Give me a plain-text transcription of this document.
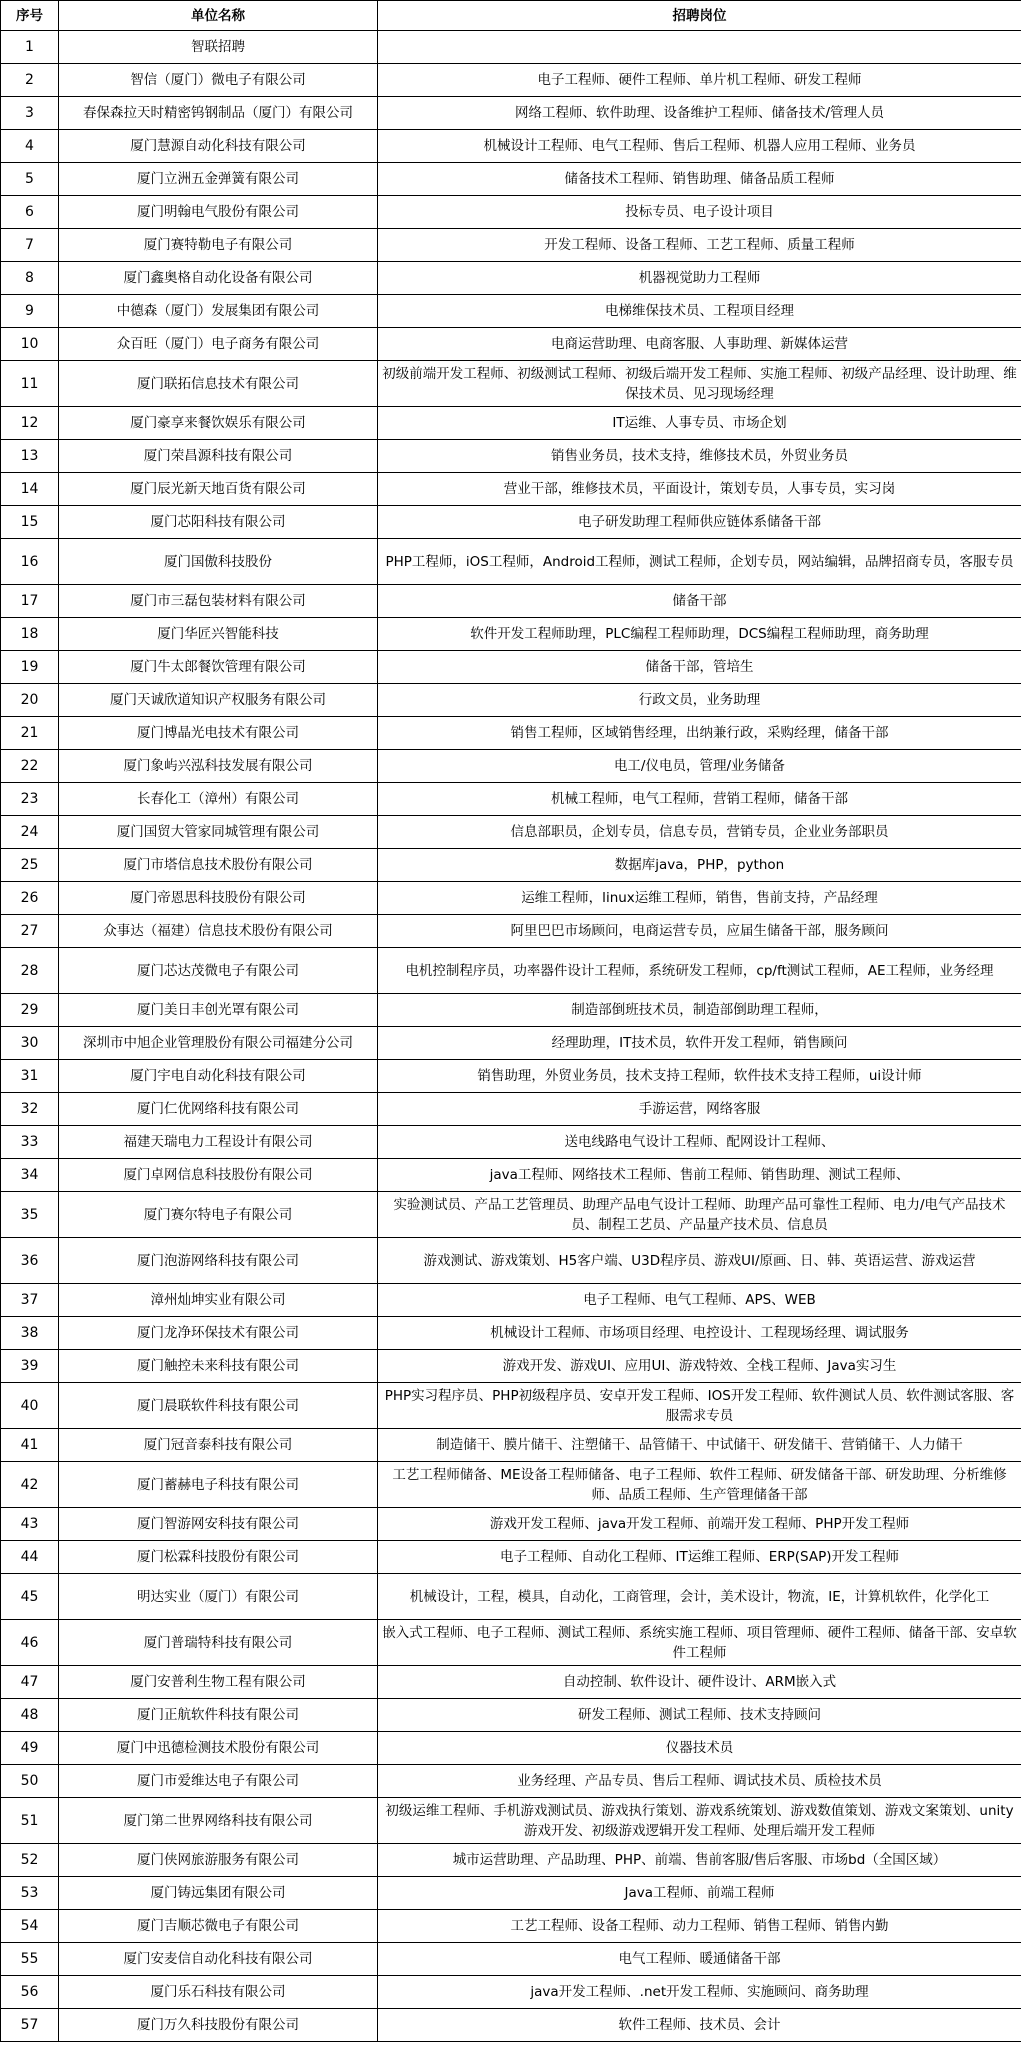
序号	单位名称	招聘岗位
1	智联招聘	
2	智信（厦门）微电子有限公司	电子工程师、硬件工程师、单片机工程师、研发工程师
3	春保森拉天时精密钨钢制品（厦门）有限公司	网络工程师、软件助理、设备维护工程师、储备技术/管理人员
4	厦门慧源自动化科技有限公司	机械设计工程师、电气工程师、售后工程师、机器人应用工程师、业务员
5	厦门立洲五金弹簧有限公司	储备技术工程师、销售助理、储备品质工程师
6	厦门明翰电气股份有限公司	投标专员、电子设计项目
7	厦门赛特勒电子有限公司	开发工程师、设备工程师、工艺工程师、质量工程师
8	厦门鑫奥格自动化设备有限公司	机器视觉助力工程师
9	中德森（厦门）发展集团有限公司	电梯维保技术员、工程项目经理
10	众百旺（厦门）电子商务有限公司	电商运营助理、电商客服、人事助理、新媒体运营
11	厦门联拓信息技术有限公司	初级前端开发工程师、初级测试工程师、初级后端开发工程师、实施工程师、初级产品经理、设计助理、维保技术员、见习现场经理
12	厦门豪享来餐饮娱乐有限公司	IT运维、人事专员、市场企划
13	厦门荣昌源科技有限公司	销售业务员，技术支持，维修技术员，外贸业务员
14	厦门辰光新天地百货有限公司	营业干部，维修技术员，平面设计，策划专员，人事专员，实习岗
15	厦门芯阳科技有限公司	电子研发助理工程师供应链体系储备干部
16	厦门国傲科技股份	PHP工程师，iOS工程师，Android工程师，测试工程师，企划专员，网站编辑，品牌招商专员，客服专员
17	厦门市三磊包装材料有限公司	储备干部
18	厦门华匠兴智能科技	软件开发工程师助理，PLC编程工程师助理，DCS编程工程师助理，商务助理
19	厦门牛太郎餐饮管理有限公司	储备干部，管培生
20	厦门天诚欣道知识产权服务有限公司	行政文员，业务助理
21	厦门博晶光电技术有限公司	销售工程师，区域销售经理，出纳兼行政，采购经理，储备干部
22	厦门象屿兴泓科技发展有限公司	电工/仪电员，管理/业务储备
23	长春化工（漳州）有限公司	机械工程师，电气工程师，营销工程师，储备干部
24	厦门国贸大管家同城管理有限公司	信息部职员，企划专员，信息专员，营销专员，企业业务部职员
25	厦门市塔信息技术股份有限公司	数据库java，PHP，python
26	厦门帝恩思科技股份有限公司	运维工程师，linux运维工程师，销售，售前支持，产品经理
27	众事达（福建）信息技术股份有限公司	阿里巴巴市场顾问，电商运营专员，应届生储备干部，服务顾问
28	厦门芯达茂微电子有限公司	电机控制程序员，功率器件设计工程师，系统研发工程师，cp/ft测试工程师，AE工程师，业务经理
29	厦门美日丰创光罩有限公司	制造部倒班技术员，制造部倒助理工程师，
30	深圳市中旭企业管理股份有限公司福建分公司	经理助理，IT技术员，软件开发工程师，销售顾问
31	厦门宇电自动化科技有限公司	销售助理，外贸业务员，技术支持工程师，软件技术支持工程师，ui设计师
32	厦门仁优网络科技有限公司	手游运营，网络客服
33	福建天瑞电力工程设计有限公司	送电线路电气设计工程师、配网设计工程师、
34	厦门卓网信息科技股份有限公司	java工程师、网络技术工程师、售前工程师、销售助理、测试工程师、
35	厦门赛尔特电子有限公司	实验测试员、产品工艺管理员、助理产品电气设计工程师、助理产品可靠性工程师、电力/电气产品技术员、制程工艺员、产品量产技术员、信息员
36	厦门泡游网络科技有限公司	游戏测试、游戏策划、H5客户端、U3D程序员、游戏UI/原画、日、韩、英语运营、游戏运营
37	漳州灿坤实业有限公司	电子工程师、电气工程师、APS、WEB
38	厦门龙净环保技术有限公司	机械设计工程师、市场项目经理、电控设计、工程现场经理、调试服务
39	厦门触控未来科技有限公司	游戏开发、游戏UI、应用UI、游戏特效、全栈工程师、Java实习生
40	厦门晨联软件科技有限公司	PHP实习程序员、PHP初级程序员、安卓开发工程师、IOS开发工程师、软件测试人员、软件测试客服、客服需求专员
41	厦门冠音泰科技有限公司	制造储干、膜片储干、注塑储干、品管储干、中试储干、研发储干、营销储干、人力储干
42	厦门蓄赫电子科技有限公司	工艺工程师储备、ME设备工程师储备、电子工程师、软件工程师、研发储备干部、研发助理、分析维修师、品质工程师、生产管理储备干部
43	厦门智游网安科技有限公司	游戏开发工程师、java开发工程师、前端开发工程师、PHP开发工程师
44	厦门松霖科技股份有限公司	电子工程师、自动化工程师、IT运维工程师、ERP(SAP)开发工程师
45	明达实业（厦门）有限公司	机械设计，工程，模具，自动化，工商管理，会计，美术设计，物流，IE，计算机软件，化学化工
46	厦门普瑞特科技有限公司	嵌入式工程师、电子工程师、测试工程师、系统实施工程师、项目管理师、硬件工程师、储备干部、安卓软件工程师
47	厦门安普利生物工程有限公司	自动控制、软件设计、硬件设计、ARM嵌入式
48	厦门正航软件科技有限公司	研发工程师、测试工程师、技术支持顾问
49	厦门中迅德检测技术股份有限公司	仪器技术员
50	厦门市爱维达电子有限公司	业务经理、产品专员、售后工程师、调试技术员、质检技术员
51	厦门第二世界网络科技有限公司	初级运维工程师、手机游戏测试员、游戏执行策划、游戏系统策划、游戏数值策划、游戏文案策划、unity游戏开发、初级游戏逻辑开发工程师、处理后端开发工程师
52	厦门侠网旅游服务有限公司	城市运营助理、产品助理、PHP、前端、售前客服/售后客服、市场bd（全国区域）
53	厦门铸远集团有限公司	Java工程师、前端工程师
54	厦门吉顺芯微电子有限公司	工艺工程师、设备工程师、动力工程师、销售工程师、销售内勤
55	厦门安麦信自动化科技有限公司	电气工程师、暖通储备干部
56	厦门乐石科技有限公司	java开发工程师、.net开发工程师、实施顾问、商务助理
57	厦门万久科技股份有限公司	软件工程师、技术员、会计
